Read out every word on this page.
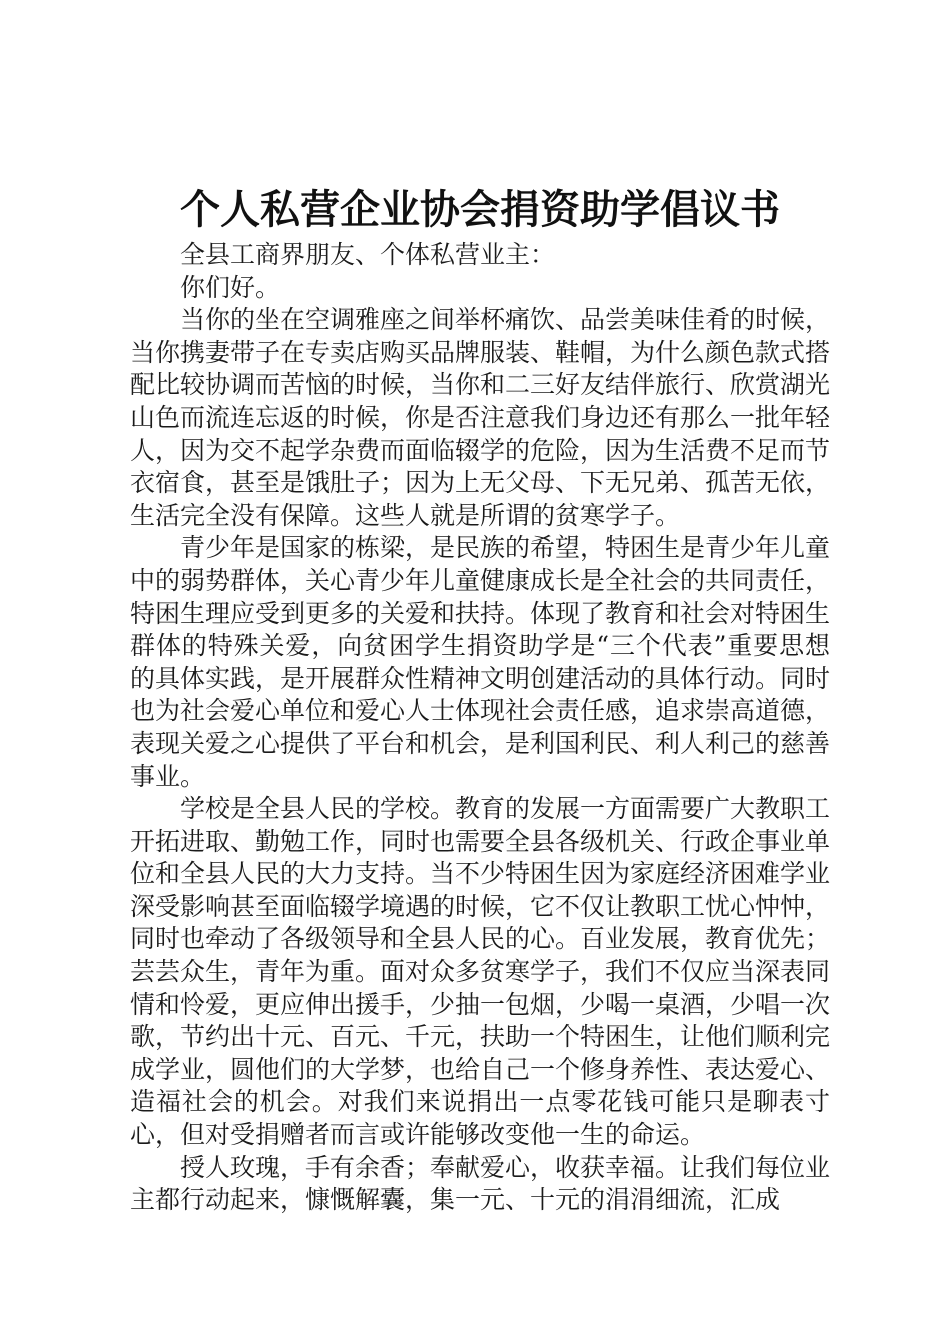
个人私营企业协会捐资助学倡议书

全县工商界朋友、个体私营业主：

你们好。

当你的坐在空调雅座之间举杯痛饮、品尝美味佳肴的时候，当你携妻带子在专卖店购买品牌服装、鞋帽，为什么颜色款式搭配比较协调而苦恼的时候，当你和二三好友结伴旅行、欣赏湖光山色而流连忘返的时候，你是否注意我们身边还有那么一批年轻人，因为交不起学杂费而面临辍学的危险，因为生活费不足而节衣宿食，甚至是饿肚子；因为上无父母、下无兄弟、孤苦无依，生活完全没有保障。这些人就是所谓的贫寒学子。

青少年是国家的栋梁，是民族的希望，特困生是青少年儿童中的弱势群体，关心青少年儿童健康成长是全社会的共同责任，特困生理应受到更多的关爱和扶持。体现了教育和社会对特困生群体的特殊关爱，向贫困学生捐资助学是“三个代表”重要思想的具体实践，是开展群众性精神文明创建活动的具体行动。同时也为社会爱心单位和爱心人士体现社会责任感，追求崇高道德，表现关爱之心提供了平台和机会，是利国利民、利人利己的慈善事业。

学校是全县人民的学校。教育的发展一方面需要广大教职工开拓进取、勤勉工作，同时也需要全县各级机关、行政企事业单位和全县人民的大力支持。当不少特困生因为家庭经济困难学业深受影响甚至面临辍学境遇的时候，它不仅让教职工忧心忡忡，同时也牵动了各级领导和全县人民的心。百业发展，教育优先；芸芸众生，青年为重。面对众多贫寒学子，我们不仅应当深表同情和怜爱，更应伸出援手，少抽一包烟，少喝一桌酒，少唱一次歌，节约出十元、百元、千元，扶助一个特困生，让他们顺利完成学业，圆他们的大学梦，也给自己一个修身养性、表达爱心、造福社会的机会。对我们来说捐出一点零花钱可能只是聊表寸心，但对受捐赠者而言或许能够改变他一生的命运。

授人玫瑰，手有余香；奉献爱心，收获幸福。让我们每位业主都行动起来，慷慨解囊，集一元、十元的涓涓细流，汇成
